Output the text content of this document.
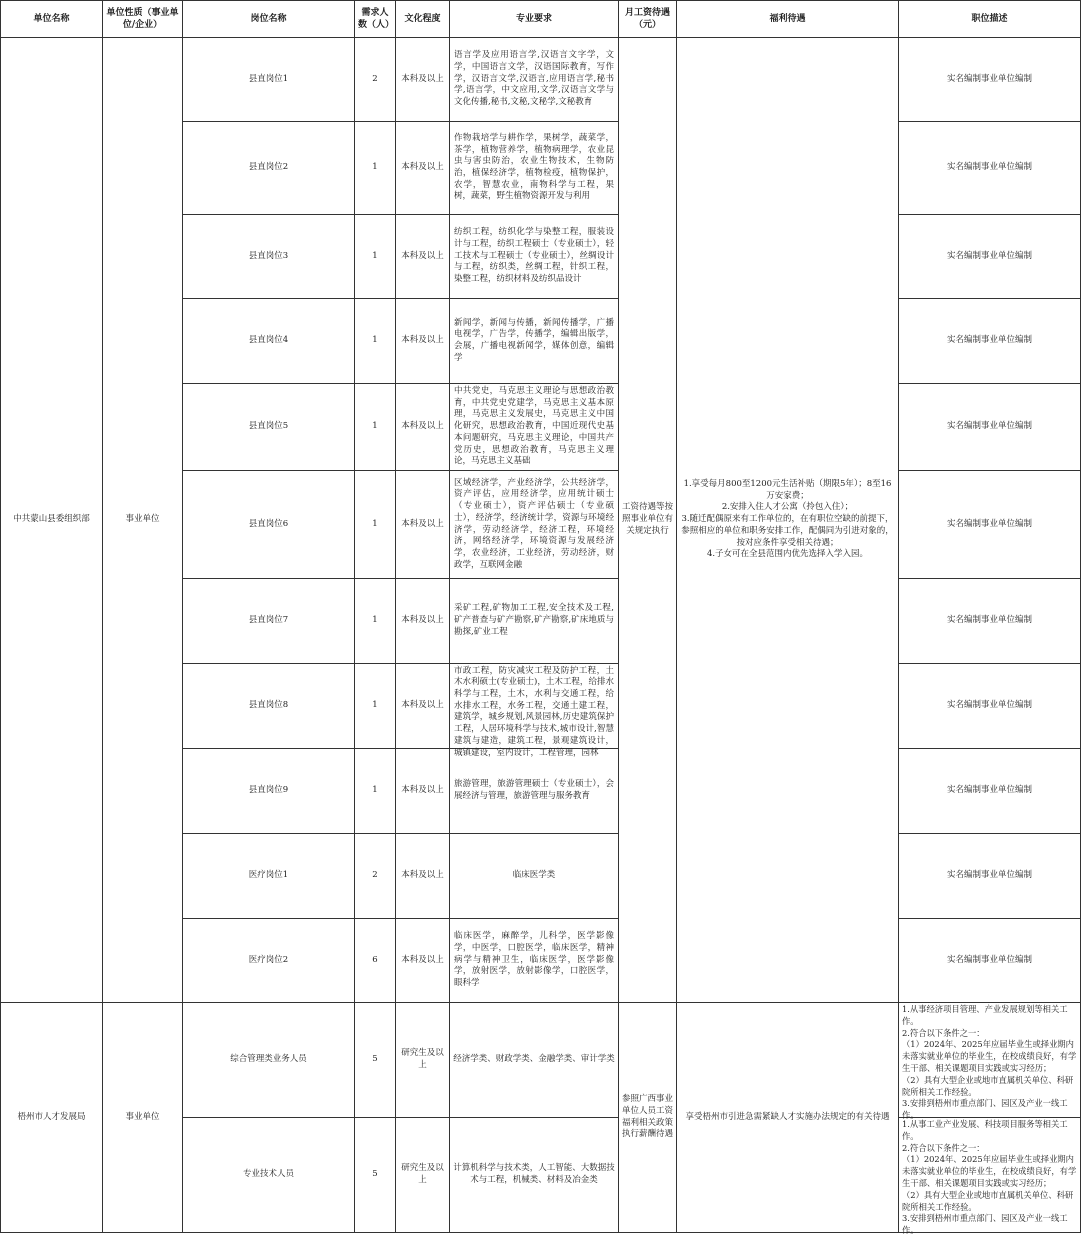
单位名称	单位性质（事业单位/企业）	岗位名称	需求人数（人）	文化程度	专业要求	月工资待遇（元）	福利待遇	职位描述
中共蒙山县委组织部	事业单位	县直岗位1	2	本科及以上	语言学及应用语言学,汉语言文字学，文学，中国语言文学，汉语国际教育，写作学，汉语言文学,汉语言,应用语言学,秘书学,语言学，中文应用,文学,汉语言文学与文化传播,秘书,文秘,文秘学,文秘教育	工资待遇等按照事业单位有关规定执行	1.享受每月800至1200元生活补贴（期限5年）；8至16万安家费；
2.安排入住人才公寓（拎包入住）；
3.随迁配偶原来有工作单位的，在有职位空缺的前提下，参照相应的单位和职务安排工作，配偶同为引进对象的，按对应条件享受相关待遇；
4.子女可在全县范围内优先选择入学入园。	实名编制事业单位编制
		县直岗位2	1	本科及以上	作物栽培学与耕作学，果树学，蔬菜学，茶学，植物营养学，植物病理学，农业昆虫与害虫防治，农业生物技术，生物防治，植保经济学，植物检疫，植物保护，农学，智慧农业，南物科学与工程，果树，蔬菜，野生植物资源开发与利用			实名编制事业单位编制
		县直岗位3	1	本科及以上	纺织工程，纺织化学与染整工程，服装设计与工程，纺织工程硕士（专业硕士），轻工技术与工程硕士（专业硕士），丝绸设计与工程，纺织类，丝绸工程，针织工程，染整工程，纺织材料及纺织品设计			实名编制事业单位编制
		县直岗位4	1	本科及以上	新闻学，新闻与传播，新闻传播学，广播电视学，广告学，传播学，编辑出版学，会展，广播电视新闻学，媒体创意，编辑学			实名编制事业单位编制
		县直岗位5	1	本科及以上	中共党史，马克思主义理论与思想政治教育，中共党史党建学，马克思主义基本原理，马克思主义发展史，马克思主义中国化研究，思想政治教育，中国近现代史基本问题研究，马克思主义理论，中国共产党历史，思想政治教育，马克思主义理论，马克思主义基础			实名编制事业单位编制
		县直岗位6	1	本科及以上	区域经济学，产业经济学，公共经济学，资产评估，应用经济学，应用统计硕士（专业硕士），资产评估硕士（专业硕士），经济学，经济统计学，资源与环境经济学，劳动经济学，经济工程，环境经济，网络经济学，环境资源与发展经济学，农业经济，工业经济，劳动经济，财政学，互联网金融			实名编制事业单位编制
		县直岗位7	1	本科及以上	采矿工程,矿物加工工程,安全技术及工程,矿产普查与矿产勘察,矿产勘察,矿床地质与勘探,矿业工程			实名编制事业单位编制
		县直岗位8	1	本科及以上	市政工程，防灾减灾工程及防护工程，土木水利硕士(专业硕士)，土木工程，给排水科学与工程，土木，水利与交通工程，给水排水工程，水务工程，交通土建工程，建筑学，城乡规划,风景园林,历史建筑保护工程，人居环境科学与技术,城市设计,智慧建筑与建造，建筑工程，景观建筑设计，城镇建设，室内设计，工程管理，园林			实名编制事业单位编制
		县直岗位9	1	本科及以上	旅游管理，旅游管理硕士（专业硕士），会展经济与管理，旅游管理与服务教育			实名编制事业单位编制
		医疗岗位1	2	本科及以上	临床医学类			实名编制事业单位编制
		医疗岗位2	6	本科及以上	临床医学，麻醉学，儿科学，医学影像学，中医学，口腔医学，临床医学，精神病学与精神卫生，临床医学，医学影像学，放射医学，放射影像学，口腔医学，眼科学			实名编制事业单位编制
梧州市人才发展局	事业单位	综合管理类业务人员	5	研究生及以上	经济学类、财政学类、金融学类、审计学类	参照广西事业单位人员工资福利相关政策执行薪酬待遇	享受梧州市引进急需紧缺人才实施办法规定的有关待遇	1.从事经济项目管理、产业发展规划等相关工作。
2.符合以下条件之一：
（1）2024年、2025年应届毕业生或择业期内未落实就业单位的毕业生，在校成绩良好，有学生干部、相关课题项目实践或实习经历；
（2）具有大型企业或地市直属机关单位、科研院所相关工作经验。
3.安排到梧州市重点部门、园区及产业一线工作。

		专业技术人员	5	研究生及以上	计算机科学与技术类，人工智能、大数据技术与工程，机械类、材料及冶金类			1.从事工业产业发展、科技项目服务等相关工作。
2.符合以下条件之一：
（1）2024年、2025年应届毕业生或择业期内未落实就业单位的毕业生，在校成绩良好，有学生干部、相关课题项目实践或实习经历；
（2）具有大型企业或地市直属机关单位、科研院所相关工作经验。
3.安排到梧州市重点部门、园区及产业一线工作。
